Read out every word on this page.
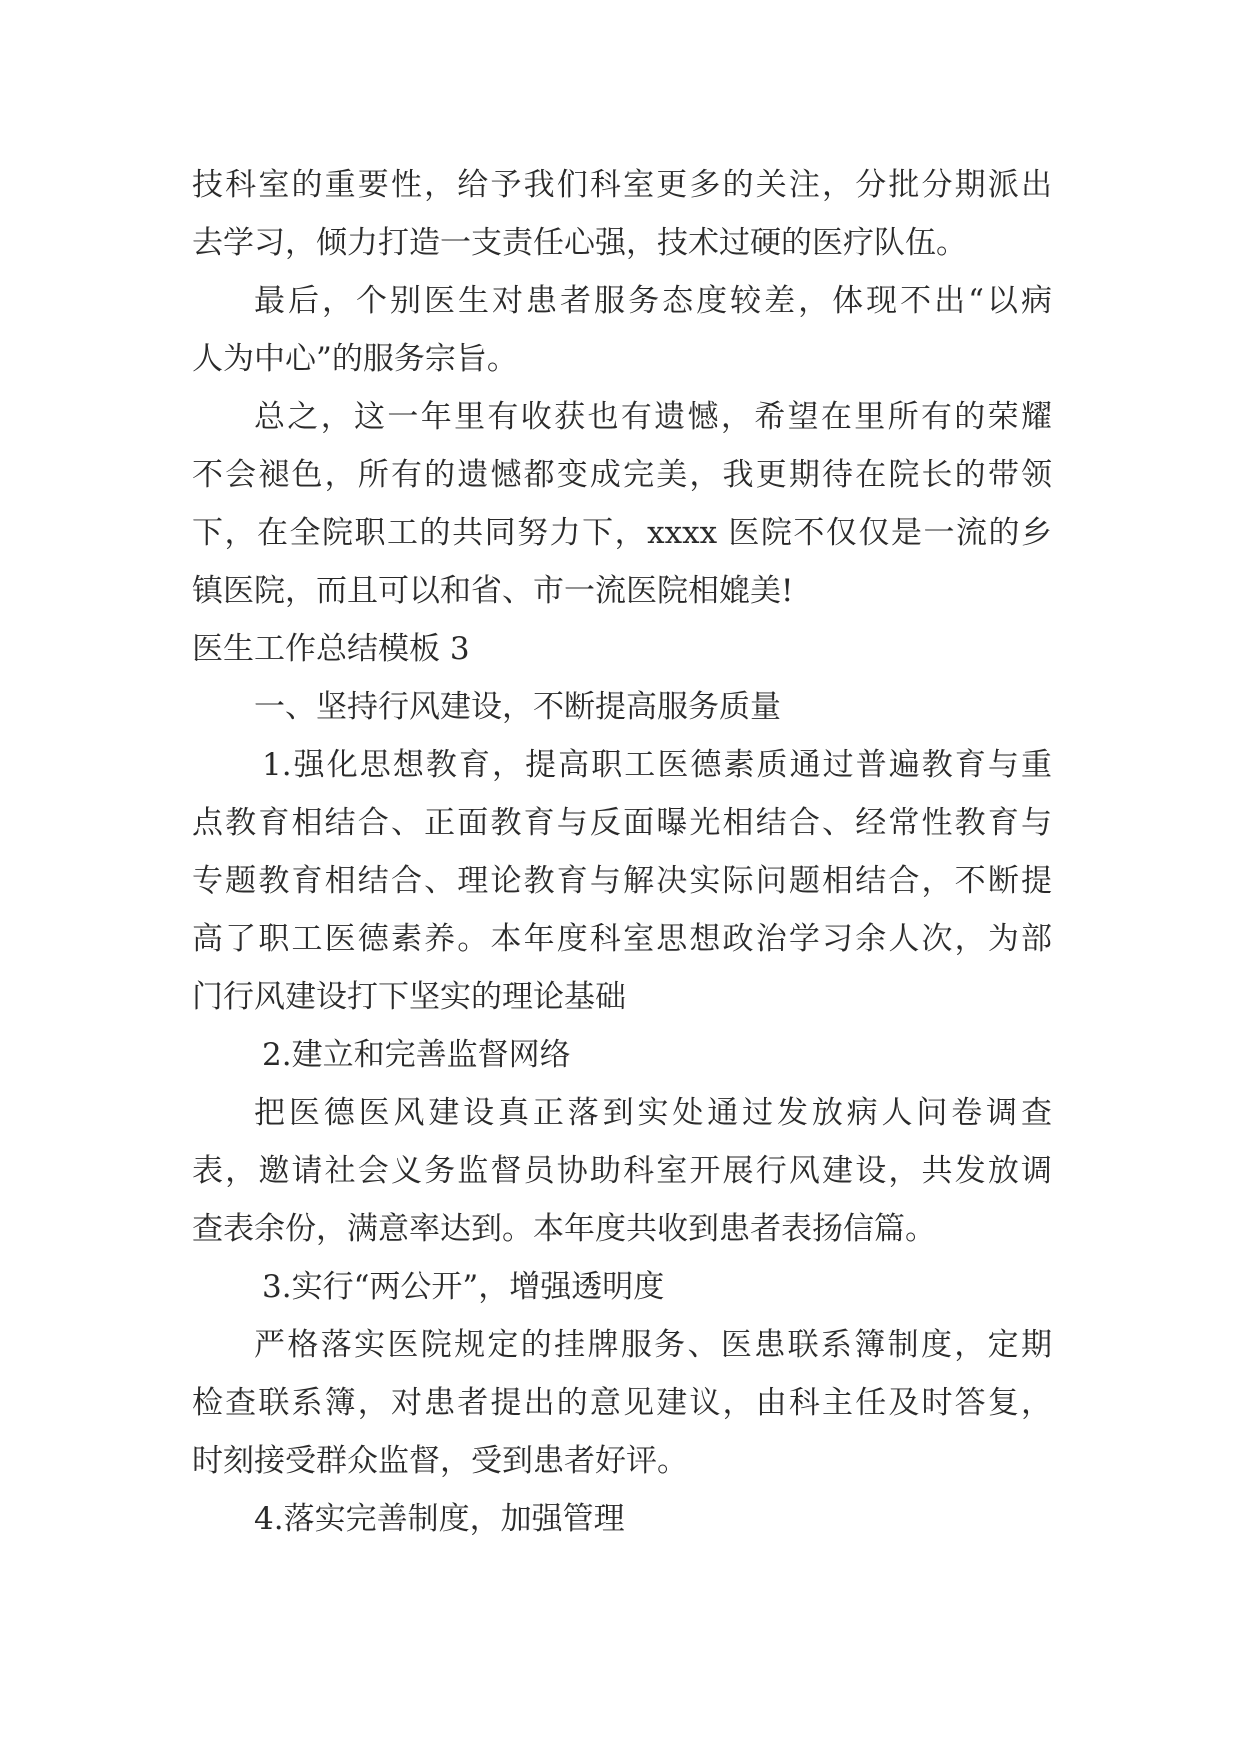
技科室的重要性，给予我们科室更多的关注，分批分期派出
去学习，倾力打造一支责任心强，技术过硬的医疗队伍。
最后，个别医生对患者服务态度较差，体现不出“以病
人为中心”的服务宗旨。
总之，这一年里有收获也有遗憾，希望在里所有的荣耀
不会褪色，所有的遗憾都变成完美，我更期待在院长的带领
下，在全院职工的共同努力下，xxxx 医院不仅仅是一流的乡
镇医院，而且可以和省、市一流医院相媲美!
医生工作总结模板 3
一、坚持行风建设，不断提高服务质量
1.强化思想教育，提高职工医德素质通过普遍教育与重
点教育相结合、正面教育与反面曝光相结合、经常性教育与
专题教育相结合、理论教育与解决实际问题相结合，不断提
高了职工医德素养。本年度科室思想政治学习余人次，为部
门行风建设打下坚实的理论基础
2.建立和完善监督网络
把医德医风建设真正落到实处通过发放病人问卷调查
表，邀请社会义务监督员协助科室开展行风建设，共发放调
查表余份，满意率达到。本年度共收到患者表扬信篇。
3.实行“两公开”，增强透明度
严格落实医院规定的挂牌服务、医患联系簿制度，定期
检查联系簿，对患者提出的意见建议，由科主任及时答复，
时刻接受群众监督，受到患者好评。
4.落实完善制度，加强管理
